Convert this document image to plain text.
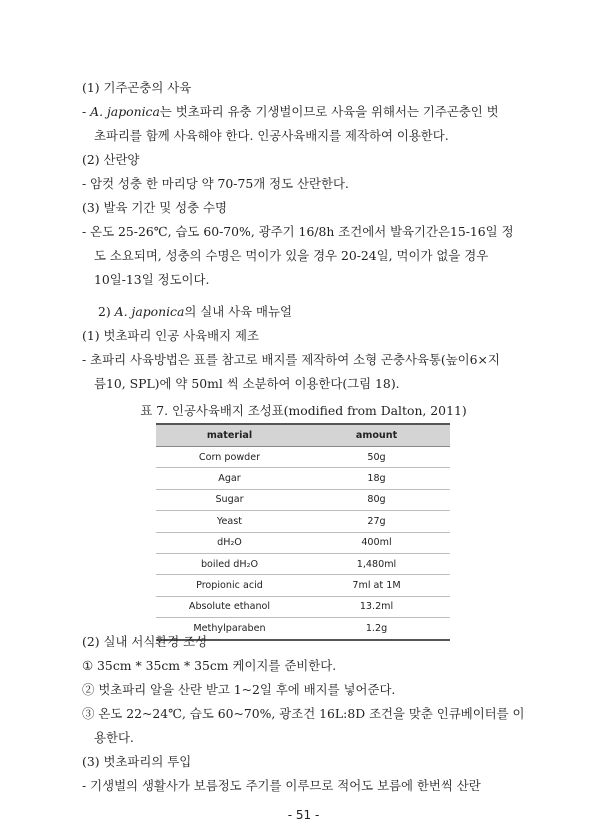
(1) 기주곤충의 사육
- A. japonica는 벗초파리 유충 기생벌이므로 사육을 위해서는 기주곤충인 벗
초파리를 함께 사육해야 한다. 인공사육배지를 제작하여 이용한다.
(2) 산란양
- 암컷 성충 한 마리당 약 70-75개 정도 산란한다.
(3) 발육 기간 및 성충 수명
- 온도 25-26℃, 습도 60-70%, 광주기 16/8h 조건에서 발육기간은15-16일 정
도 소요되며, 성충의 수명은 먹이가 있을 경우 20-24일, 먹이가 없을 경우
10일-13일 정도이다.
2) A. japonica의 실내 사육 매뉴얼
(1) 벗초파리 인공 사육배지 제조
- 초파리 사육방법은 표를 참고로 배지를 제작하여 소형 곤충사육통(높이6×지
름10, SPL)에 약 50ml 씩 소분하여 이용한다(그림 18).
표 7. 인공사육배지 조성표(modified from Dalton, 2011)
material	amount
Corn powder	50g
Agar	18g
Sugar	80g
Yeast	27g
dH₂O	400ml
boiled dH₂O	1,480ml
Propionic acid	7ml at 1M
Absolute ethanol	13.2ml
Methylparaben	1.2g
(2) 실내 서식환경 조성
① 35cm * 35cm * 35cm 케이지를 준비한다.
② 벗초파리 알을 산란 받고 1~2일 후에 배지를 넣어준다.
③ 온도 22~24℃, 습도 60~70%, 광조건 16L:8D 조건을 맞춘 인큐베이터를 이
용한다.
(3) 벗초파리의 투입
- 기생벌의 생활사가 보름정도 주기를 이루므로 적어도 보름에 한번씩 산란
- 51 -
